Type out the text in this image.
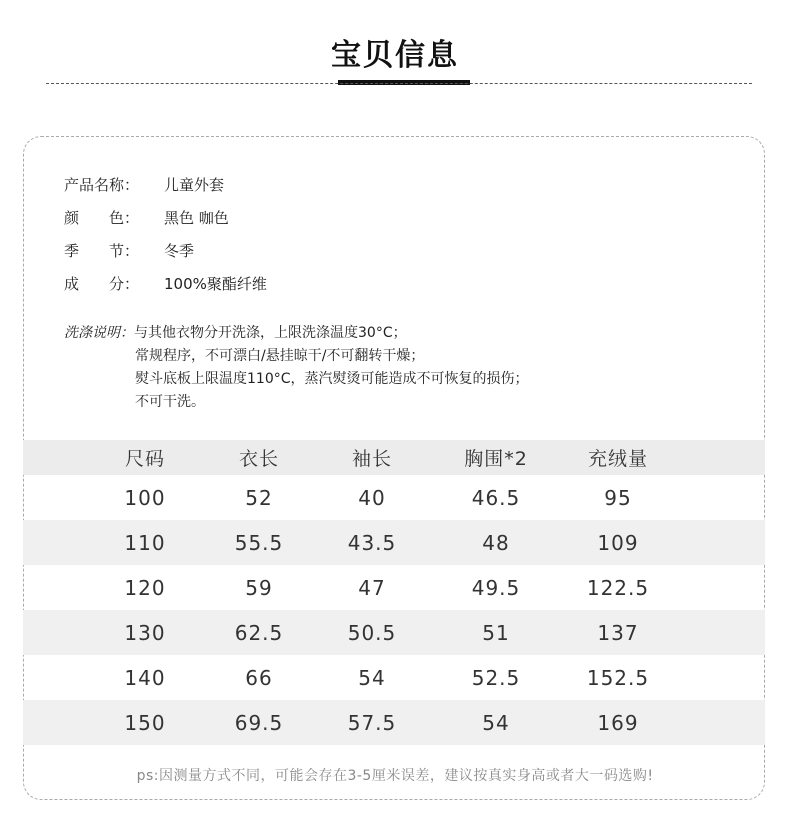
宝贝信息
产品名称：	儿童外套
颜　　色：	黑色 咖色
季　　节：	冬季
成　　分：	100%聚酯纤维
洗涤说明：与其他衣物分开洗涤，上限洗涤温度30°C；
常规程序，不可漂白/悬挂晾干/不可翻转干燥；
熨斗底板上限温度110°C，蒸汽熨烫可能造成不可恢复的损伤；
不可干洗。
尺码	衣长	袖长	胸围*2	充绒量
100	52	40	46.5	95
110	55.5	43.5	48	109
120	59	47	49.5	122.5
130	62.5	50.5	51	137
140	66	54	52.5	152.5
150	69.5	57.5	54	169
ps:因测量方式不同，可能会存在3-5厘米误差，建议按真实身高或者大一码选购!
